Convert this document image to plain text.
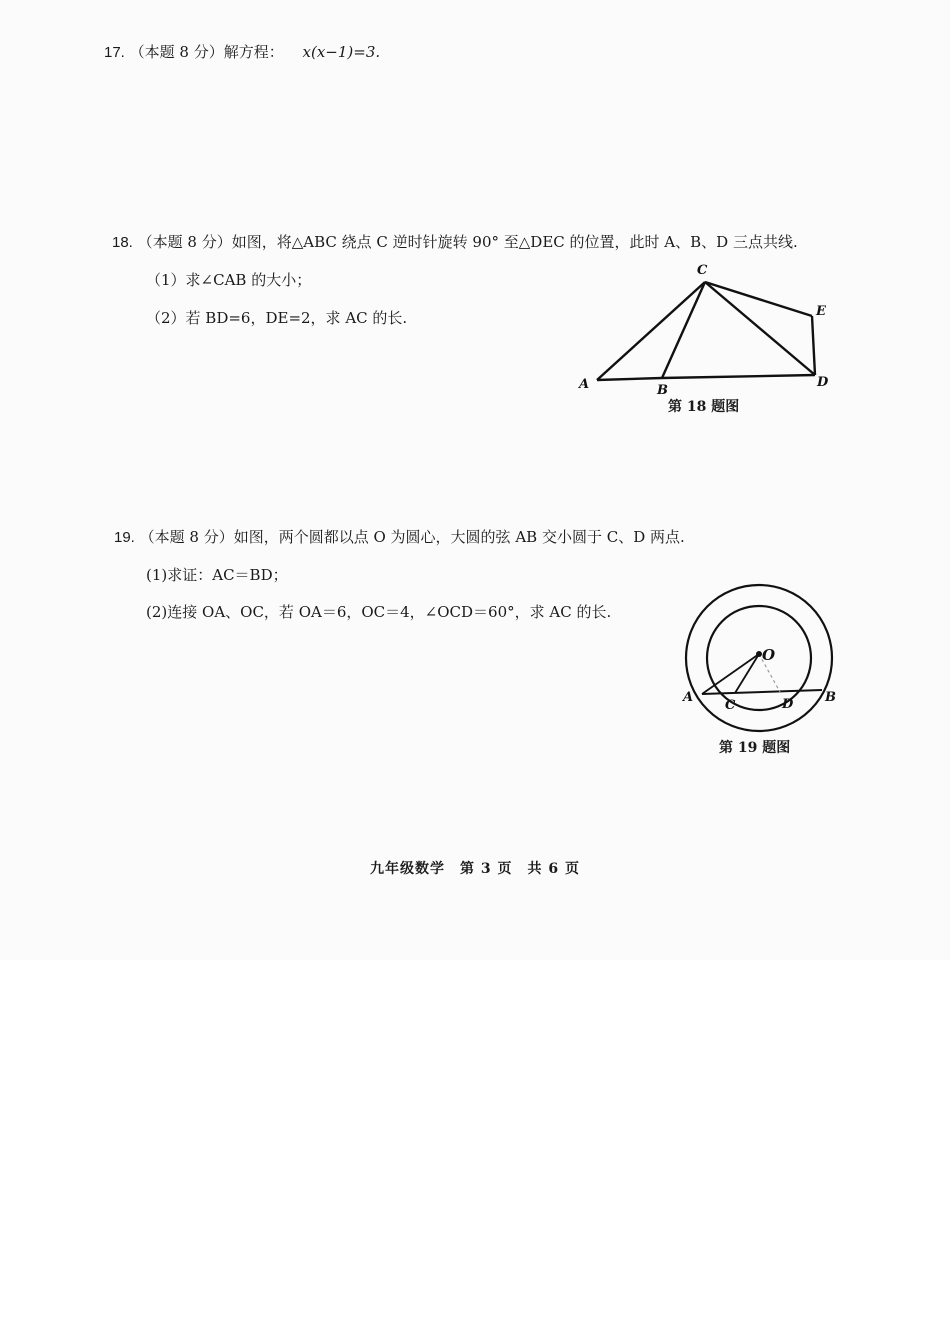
17. （本题 8 分）解方程： x(x−1)=3.
18. （本题 8 分）如图，将△ABC 绕点 C 逆时针旋转 90° 至△DEC 的位置，此时 A、B、D 三点共线.
（1）求∠CAB 的大小；
（2）若 BD=6，DE=2，求 AC 的长.
C
E
A	B
D
第 18 题图
19. （本题 8 分）如图，两个圆都以点 O 为圆心，大圆的弦 AB 交小圆于 C、D 两点.
(1)求证：AC＝BD；
(2)连接 OA、OC，若 OA＝6，OC＝4，∠OCD＝60°，求 AC 的长.
O
A	B
C	D
第 19 题图
九年级数学　第 3 页　共 6 页
